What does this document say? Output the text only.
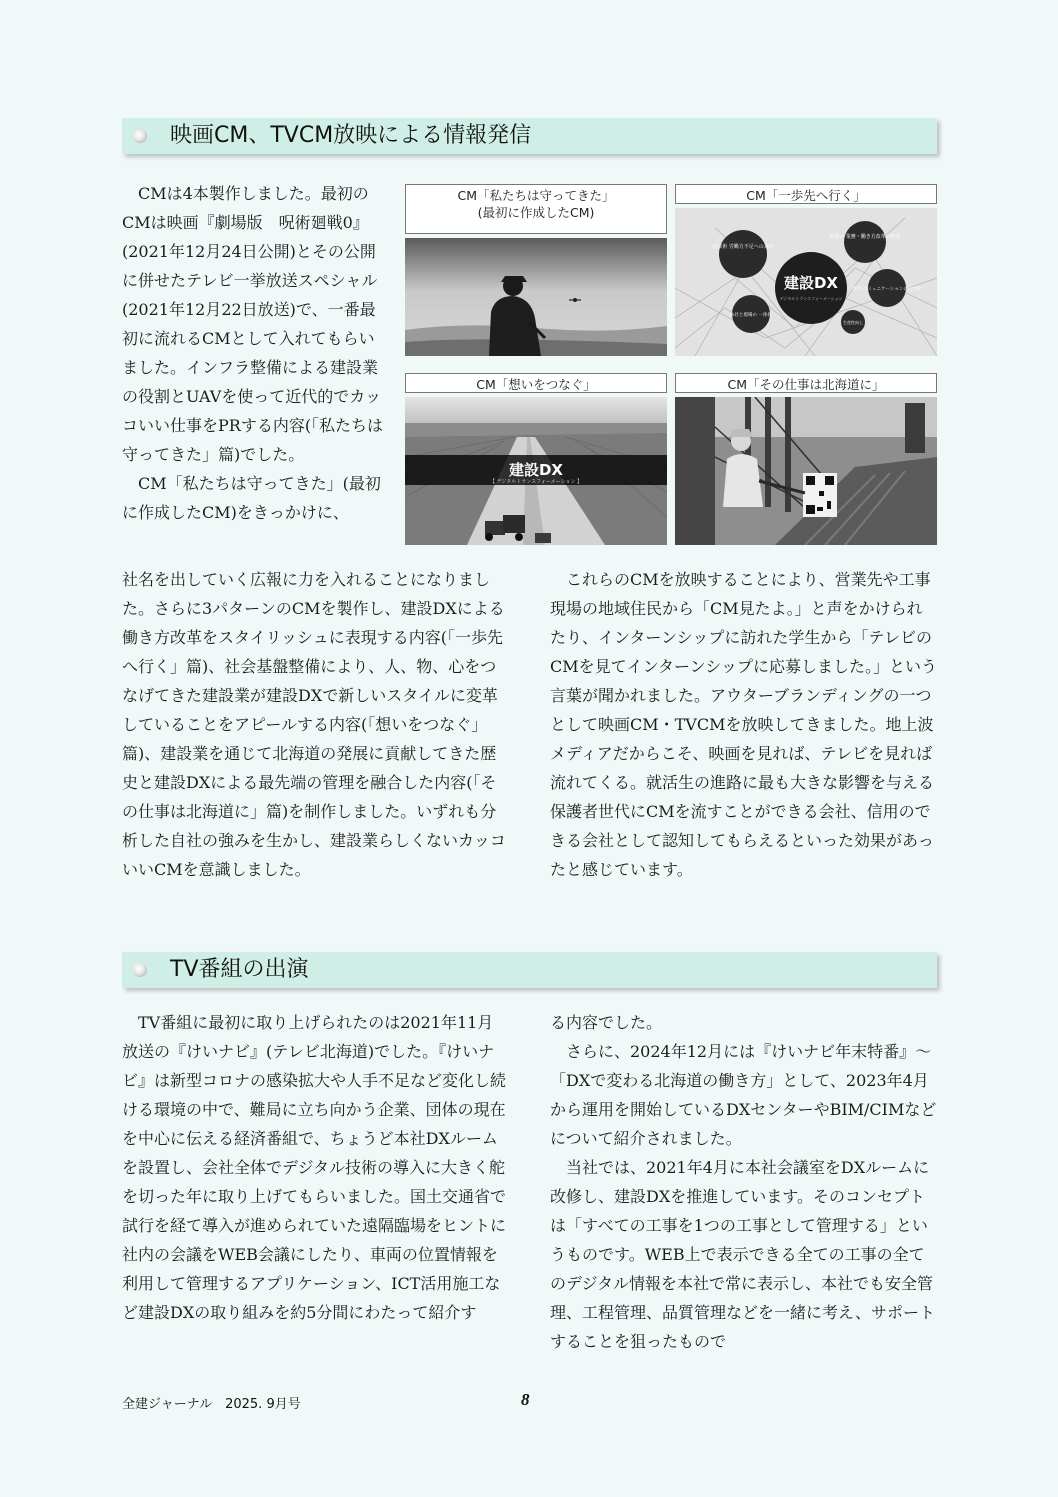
映画CM、TVCM放映による情報発信

CMは4本製作しました。最初のCMは映画『劇場版　呪術廻戦0』(2021年12月24日公開)とその公開に併せたテレビ一挙放送スペシャル(2021年12月22日放送)で、一番最初に流れるCMとして入れてもらいました。インフラ整備による建設業の役割とUAVを使って近代的でカッコいい仕事をPRする内容(「私たちは守ってきた」篇)でした。

CM「私たちは守ってきた」(最初に作成したCM)をきっかけに、

CM「私たちは守ってきた」
(最初に作成したCM)
CM「一歩先へ行く」
新技術 労働力不足への対応
現場の 業務・働き方改革の推進
建設DX
デジタルトランスフォーメーション
社内 コミュニケーションの活性化
本社と現場の 一体化
生産性向上
CM「想いをつなぐ」
建設DX
【 デジタルトランスフォーメーション 】
CM「その仕事は北海道に」

社名を出していく広報に力を入れることになりました。さらに3パターンのCMを製作し、建設DXによる働き方改革をスタイリッシュに表現する内容(「一歩先へ行く」篇)、社会基盤整備により、人、物、心をつなげてきた建設業が建設DXで新しいスタイルに変革していることをアピールする内容(「想いをつなぐ」篇)、建設業を通じて北海道の発展に貢献してきた歴史と建設DXによる最先端の管理を融合した内容(「その仕事は北海道に」篇)を制作しました。いずれも分析した自社の強みを生かし、建設業らしくないカッコいいCMを意識しました。

これらのCMを放映することにより、営業先や工事現場の地域住民から「CM見たよ。」と声をかけられたり、インターンシップに訪れた学生から「テレビのCMを見てインターンシップに応募しました。」という言葉が聞かれました。アウターブランディングの一つとして映画CM・TVCMを放映してきました。地上波メディアだからこそ、映画を見れば、テレビを見れば流れてくる。就活生の進路に最も大きな影響を与える保護者世代にCMを流すことができる会社、信用のできる会社として認知してもらえるといった効果があったと感じています。

TV番組の出演

TV番組に最初に取り上げられたのは2021年11月放送の『けいナビ』(テレビ北海道)でした。『けいナビ』は新型コロナの感染拡大や人手不足など変化し続ける環境の中で、難局に立ち向かう企業、団体の現在を中心に伝える経済番組で、ちょうど本社DXルームを設置し、会社全体でデジタル技術の導入に大きく舵を切った年に取り上げてもらいました。国土交通省で試行を経て導入が進められていた遠隔臨場をヒントに社内の会議をWEB会議にしたり、車両の位置情報を利用して管理するアプリケーション、ICT活用施工など建設DXの取り組みを約5分間にわたって紹介す

る内容でした。

さらに、2024年12月には『けいナビ年末特番』〜「DXで変わる北海道の働き方」として、2023年4月から運用を開始しているDXセンターやBIM/CIMなどについて紹介されました。

当社では、2021年4月に本社会議室をDXルームに改修し、建設DXを推進しています。そのコンセプトは「すべての工事を1つの工事として管理する」というものです。WEB上で表示できる全ての工事の全てのデジタル情報を本社で常に表示し、本社でも安全管理、工程管理、品質管理などを一緒に考え、サポートすることを狙ったもので

全建ジャーナル　2025. 9月号	8
